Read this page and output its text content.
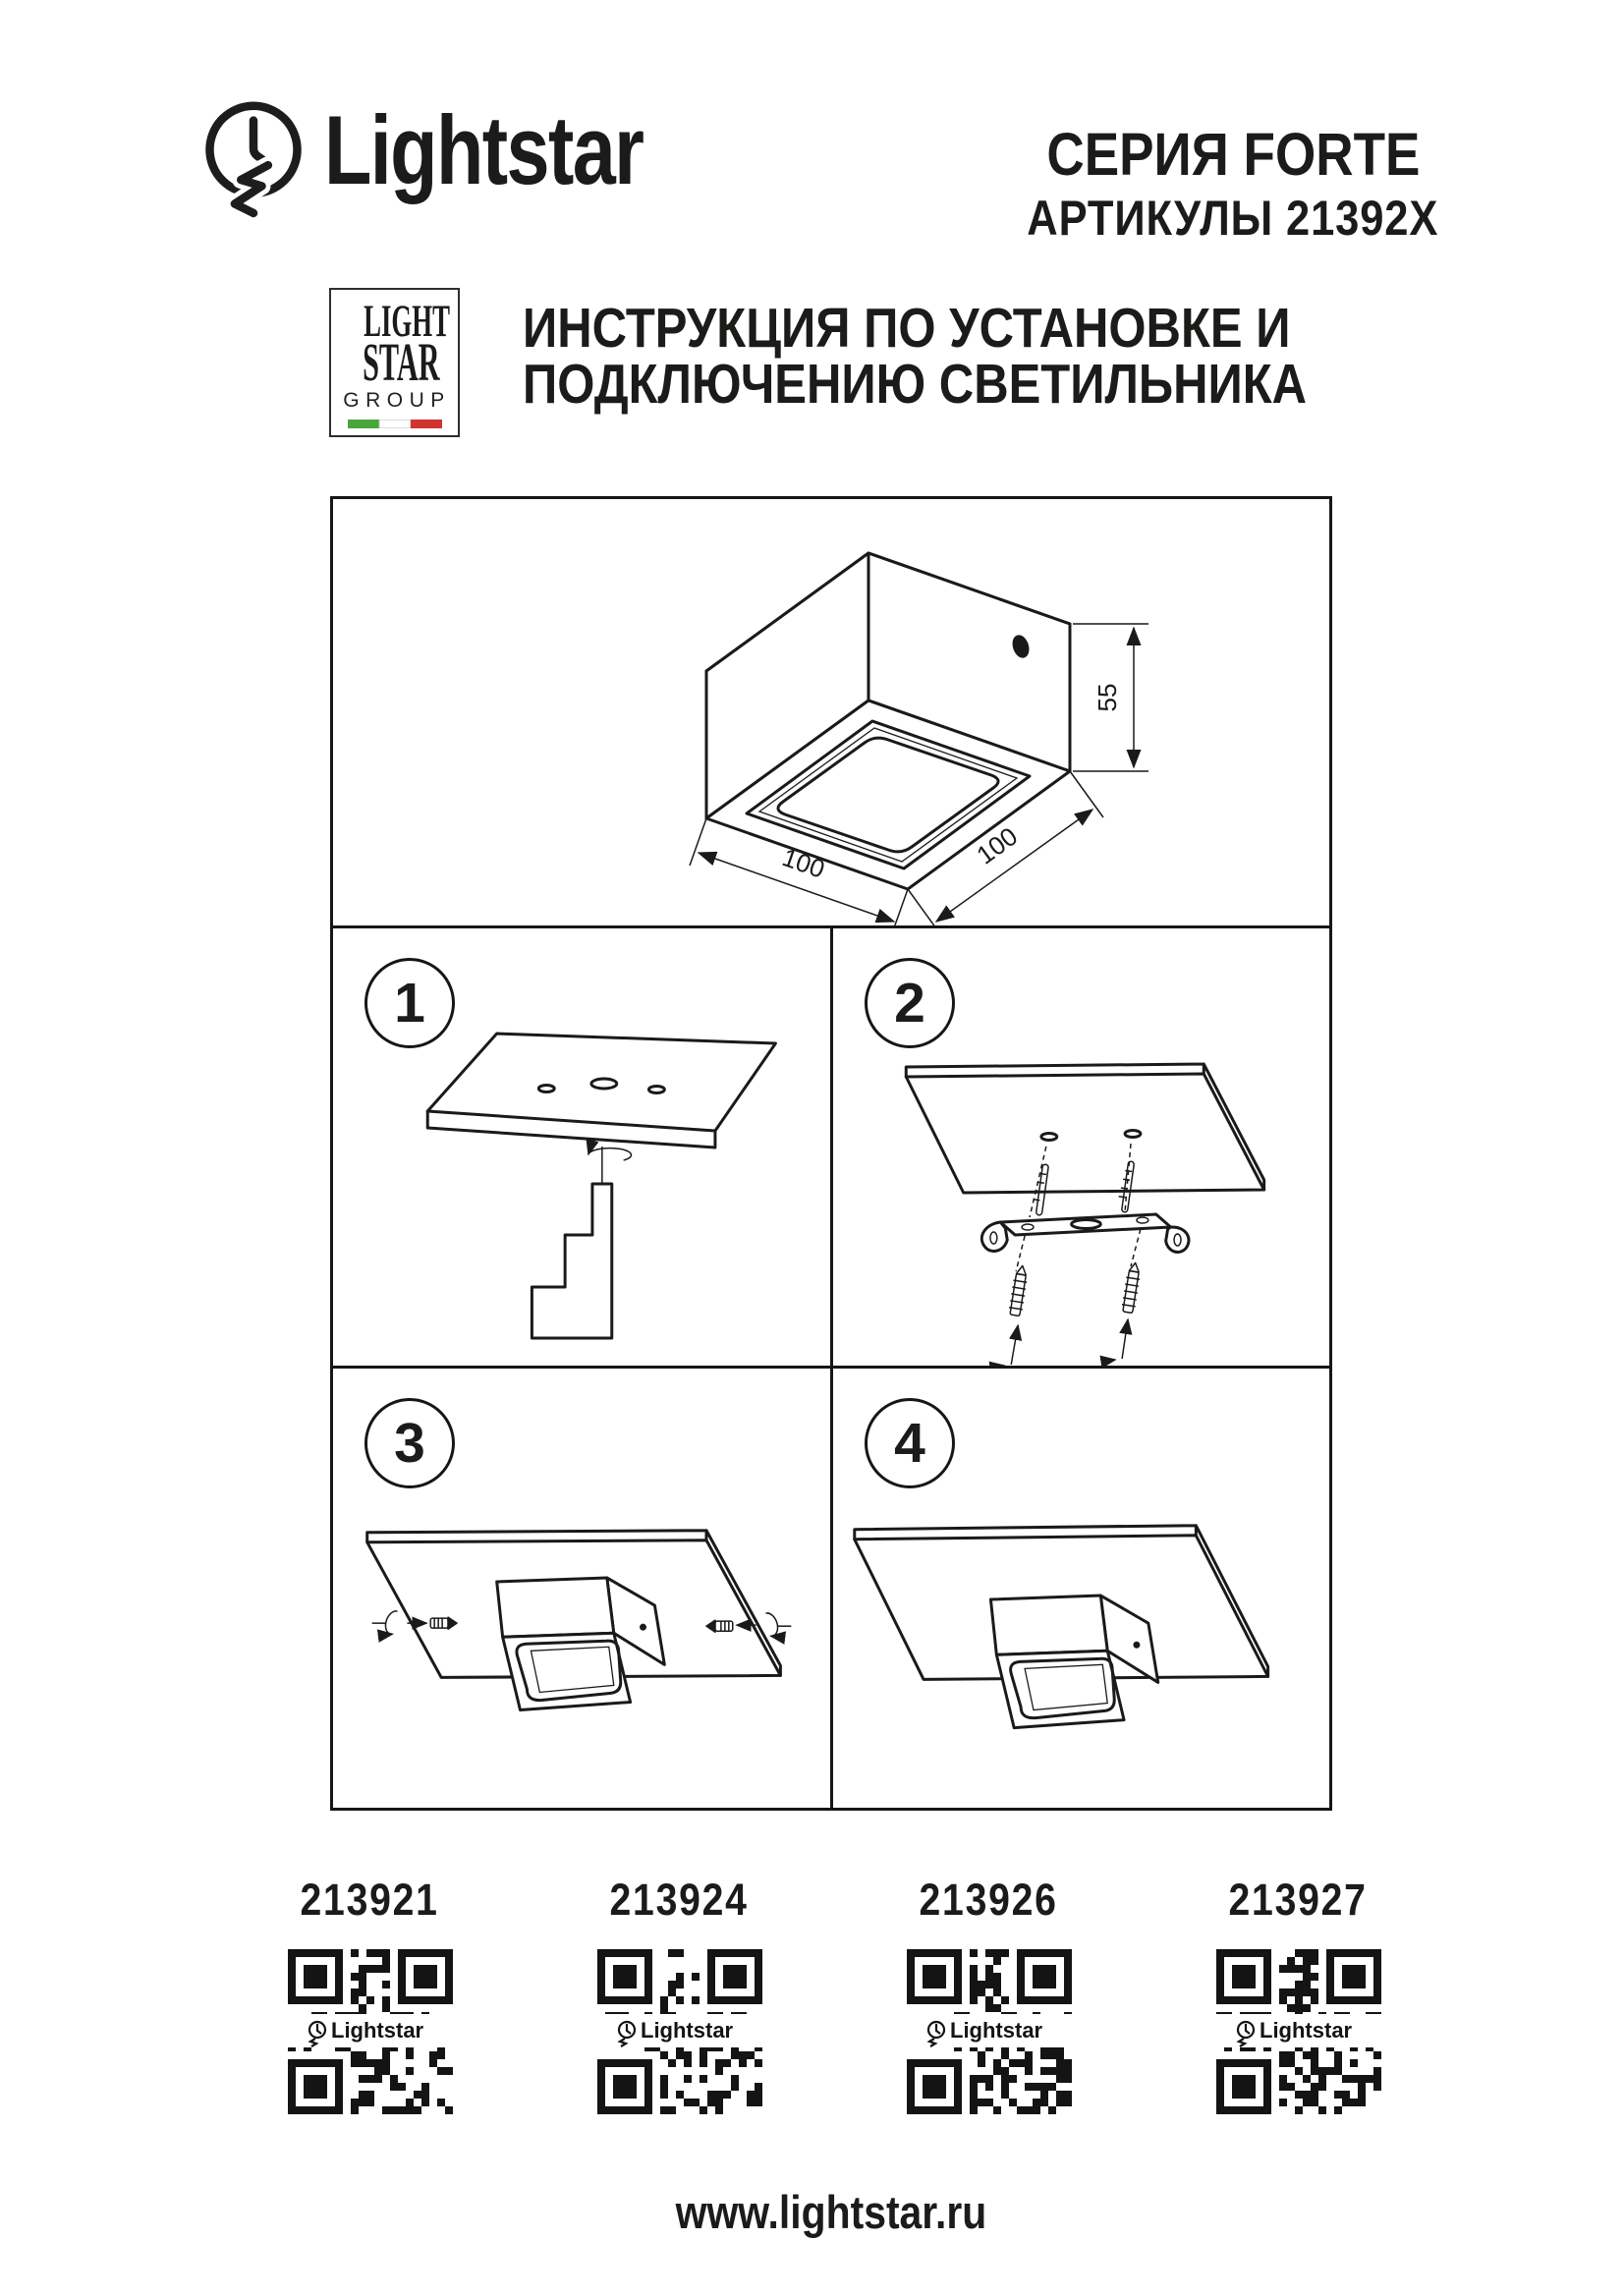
Lightstar	СЕРИЯ FORTE
АРТИКУЛЫ 21392X
LIGHT
STAR
GROUP
ИНСТРУКЦИЯ ПО УСТАНОВКЕ И
ПОДКЛЮЧЕНИЮ СВЕТИЛЬНИКА
55
100	100
1	2
3	4
213921
Lightstar
213924
Lightstar
213926
Lightstar
213927
Lightstar
www.lightstar.ru
